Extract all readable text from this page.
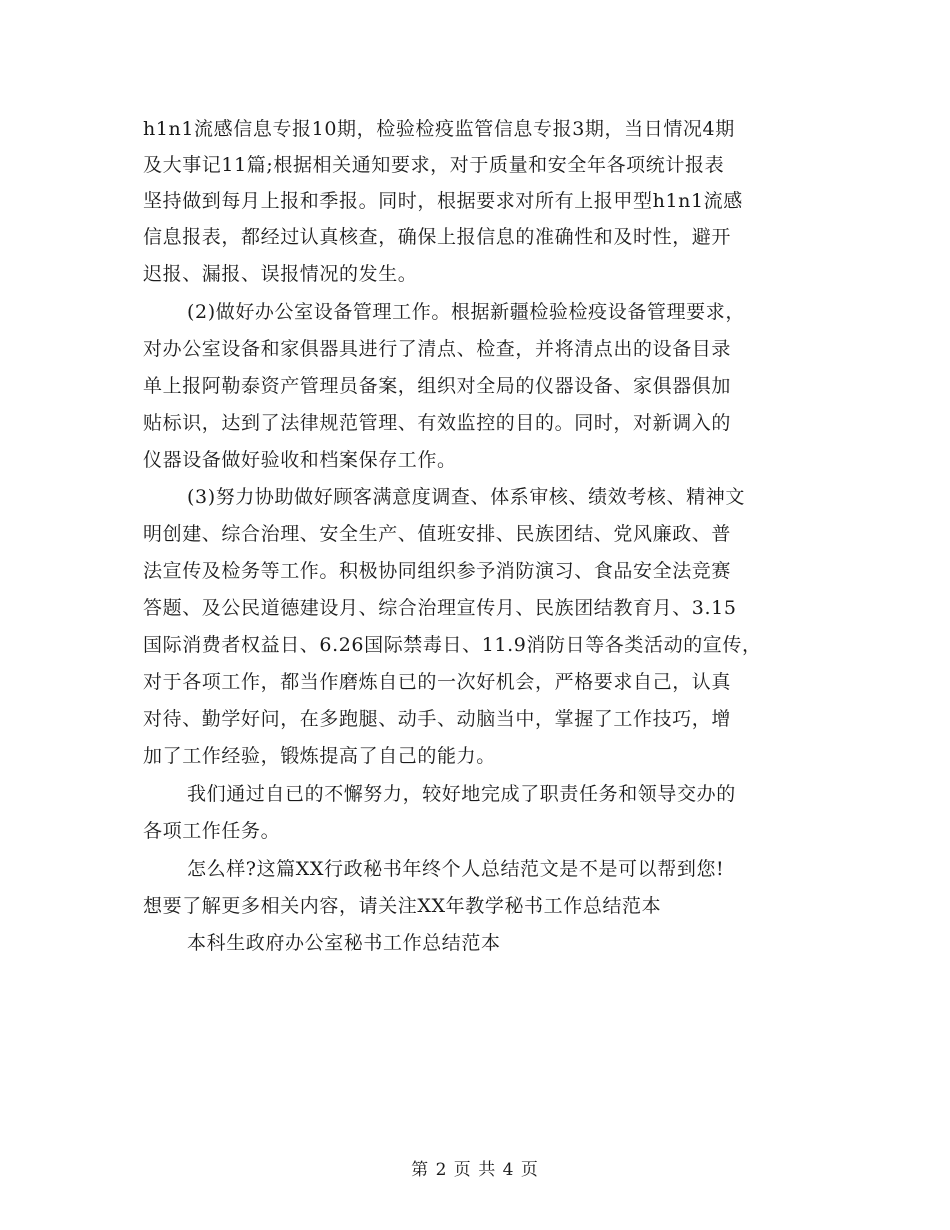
h1n1流感信息专报10期，检验检疫监管信息专报3期，当日情况4期
及大事记11篇;根据相关通知要求，对于质量和安全年各项统计报表
坚持做到每月上报和季报。同时，根据要求对所有上报甲型h1n1流感
信息报表，都经过认真核查，确保上报信息的准确性和及时性，避开
迟报、漏报、误报情况的发生。
(2)做好办公室设备管理工作。根据新疆检验检疫设备管理要求，
对办公室设备和家俱器具进行了清点、检查，并将清点出的设备目录
单上报阿勒泰资产管理员备案，组织对全局的仪器设备、家俱器俱加
贴标识，达到了法律规范管理、有效监控的目的。同时，对新调入的
仪器设备做好验收和档案保存工作。
(3)努力协助做好顾客满意度调查、体系审核、绩效考核、精神文
明创建、综合治理、安全生产、值班安排、民族团结、党风廉政、普
法宣传及检务等工作。积极协同组织参予消防演习、食品安全法竞赛
答题、及公民道德建设月、综合治理宣传月、民族团结教育月、3.15
国际消费者权益日、6.26国际禁毒日、11.9消防日等各类活动的宣传，
对于各项工作，都当作磨炼自已的一次好机会，严格要求自己，认真
对待、勤学好问，在多跑腿、动手、动脑当中，掌握了工作技巧，增
加了工作经验，锻炼提高了自己的能力。
我们通过自已的不懈努力，较好地完成了职责任务和领导交办的
各项工作任务。
怎么样?这篇XX行政秘书年终个人总结范文是不是可以帮到您!
想要了解更多相关内容，请关注XX年教学秘书工作总结范本
本科生政府办公室秘书工作总结范本
第 2 页 共 4 页
